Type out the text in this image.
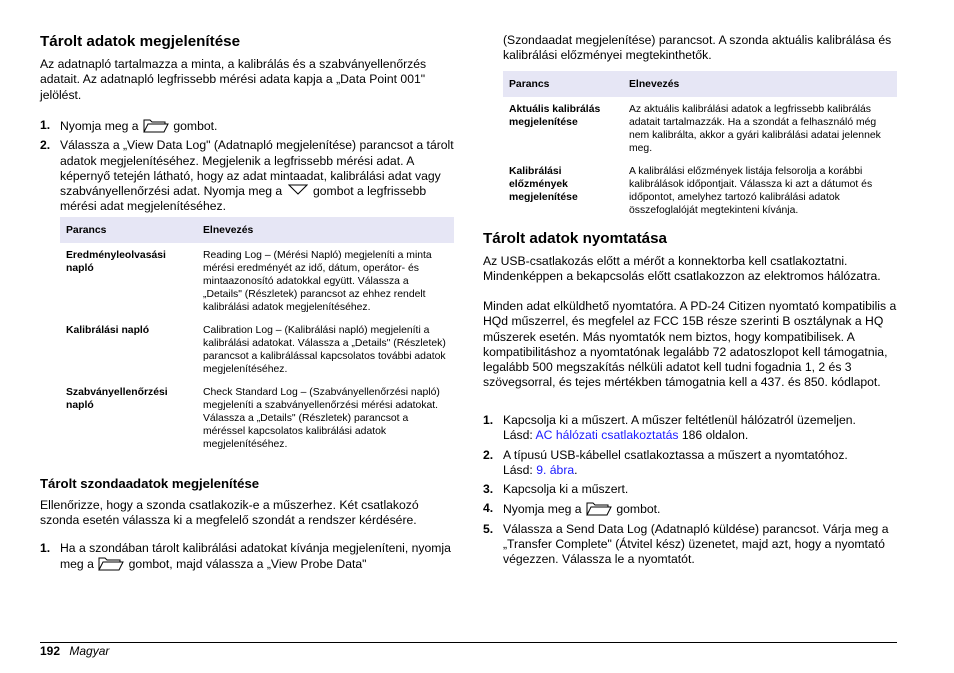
Tárolt adatok megjelenítése

Az adatnapló tartalmazza a minta, a kalibrálás és a szabványellenőrzés adatait. Az adatnapló legfrissebb mérési adata kapja a „Data Point 001" jelölést.

1. Nyomja meg a	gombot.
2. Válassza a „View Data Log" (Adatnapló megjelenítése) parancsot a tárolt adatok megjelenítéséhez. Megjelenik a legfrissebb mérési adat. A képernyő tetején látható, hogy az adat mintaadat, kalibrálási adat vagy szabványellenőrzési adat. Nyomja meg a	gombot a legfrissebb mérési adat megjelenítéséhez.
Parancs	Elnevezés
Eredményleolvasási napló	Reading Log – (Mérési Napló) megjeleníti a minta mérési eredményét az idő, dátum, operátor- és mintaazonosító adatokkal együtt. Válassza a „Details" (Részletek) parancsot az ehhez rendelt kalibrálási adatok megjelenítéséhez.
Kalibrálási napló	Calibration Log – (Kalibrálási napló) megjeleníti a kalibrálási adatokat. Válassza a „Details" (Részletek) parancsot a kalibrálással kapcsolatos további adatok megjelenítéséhez.
Szabványellenőrzési napló	Check Standard Log – (Szabványellenőrzési napló) megjeleníti a szabványellenőrzési mérési adatokat. Válassza a „Details" (Részletek) parancsot a méréssel kapcsolatos kalibrálási adatok megjelenítéséhez.
Tárolt szondaadatok megjelenítése

Ellenőrizze, hogy a szonda csatlakozik-e a műszerhez. Két csatlakozó szonda esetén válassza ki a megfelelő szondát a rendszer kérdésére.

1. Ha a szondában tárolt kalibrálási adatokat kívánja megjeleníteni, nyomja meg a	gombot, majd válassza a „View Probe Data"

(Szondaadat megjelenítése) parancsot. A szonda aktuális kalibrálása és kalibrálási előzményei megtekinthetők.

Parancs	Elnevezés
Aktuális kalibrálás megjelenítése	Az aktuális kalibrálási adatok a legfrissebb kalibrálás adatait tartalmazzák. Ha a szondát a felhasználó még nem kalibrálta, akkor a gyári kalibrálási adatai jelennek meg.
Kalibrálási előzmények megjelenítése	A kalibrálási előzmények listája felsorolja a korábbi kalibrálások időpontjait. Válassza ki azt a dátumot és időpontot, amelyhez tartozó kalibrálási adatok összefoglalóját megtekinteni kívánja.
Tárolt adatok nyomtatása

Az USB-csatlakozás előtt a mérőt a konnektorba kell csatlakoztatni. Mindenképpen a bekapcsolás előtt csatlakozzon az elektromos hálózatra.

Minden adat elküldhető nyomtatóra. A PD-24 Citizen nyomtató kompatibilis a HQd műszerrel, és megfelel az FCC 15B része szerinti B osztálynak a HQ műszerek esetén. Más nyomtatók nem biztos, hogy kompatibilisek. A kompatibilitáshoz a nyomtatónak legalább 72 adatoszlopot kell támogatnia, legalább 500 megszakítás nélküli adatot kell tudni fogadnia 1, 2 és 3 szövegsorral, és tejes mértékben támogatnia kell a 437. és 850. kódlapot.

1. Kapcsolja ki a műszert. A műszer feltétlenül hálózatról üzemeljen.
Lásd: AC hálózati csatlakoztatás 186 oldalon.
2. A típusú USB-kábellel csatlakoztassa a műszert a nyomtatóhoz.
Lásd: 9. ábra.
3. Kapcsolja ki a műszert.
4. Nyomja meg a	gombot.
5. Válassza a Send Data Log (Adatnapló küldése) parancsot. Várja meg a „Transfer Complete" (Átvitel kész) üzenetet, majd azt, hogy a nyomtató végezzen. Válassza le a nyomtatót.
192 Magyar
